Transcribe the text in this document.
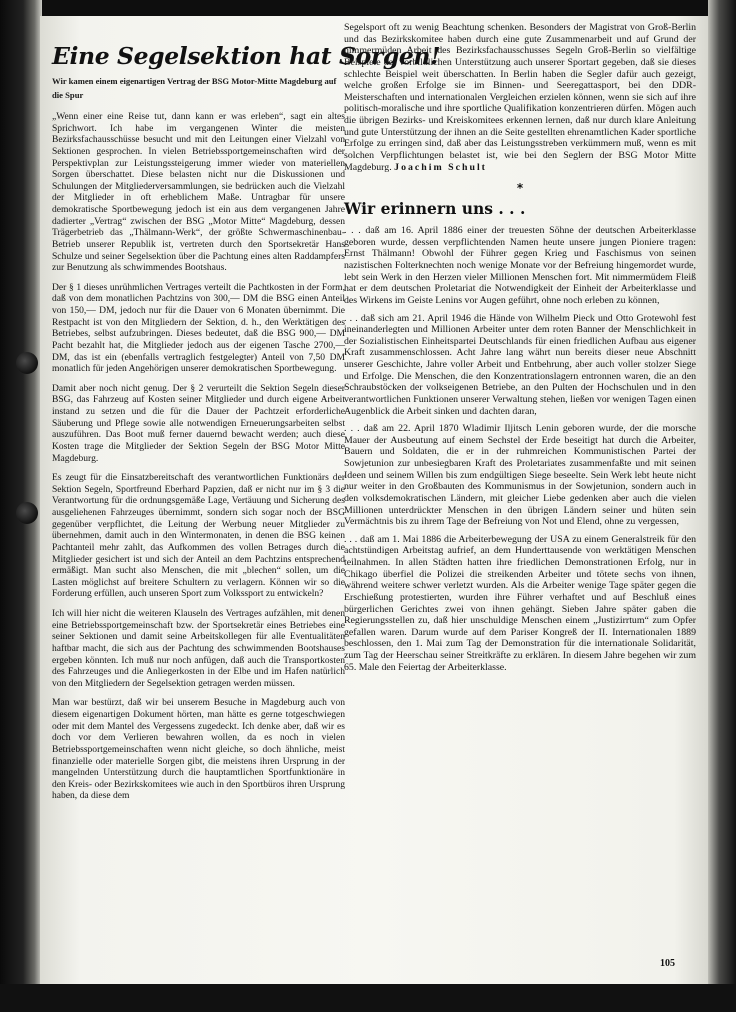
Eine Segelsektion hat Sorgen!
Wir kamen einem eigenartigen Vertrag der BSG Motor-Mitte Magdeburg auf die Spur

„Wenn einer eine Reise tut, dann kann er was erleben“, sagt ein altes Sprichwort. Ich habe im vergangenen Winter die meisten Bezirksfachausschüsse besucht und mit den Leitungen einer Vielzahl von Sektionen gesprochen. In vielen Betriebssportgemeinschaften wird der Perspektivplan zur Leistungssteigerung immer wieder von materiellen Sorgen überschattet. Diese belasten nicht nur die Diskussionen und Schulungen der Mitgliederversammlungen, sie bedrücken auch die Vielzahl der Mitglieder in oft erheblichem Maße. Untragbar für unsere demokratische Sportbewegung jedoch ist ein aus dem vergangenen Jahre dadierter „Vertrag“ zwischen der BSG „Motor Mitte“ Magdeburg, dessen Trägerbetrieb das „Thälmann-Werk“, der größte Schwermaschinenbau-Betrieb unserer Republik ist, vertreten durch den Sportsekretär Hans Schulze und seiner Segelsektion über die Pachtung eines alten Raddampfers zur Benutzung als schwimmendes Bootshaus.

Der § 1 dieses unrühmlichen Vertrages verteilt die Pachtkosten in der Form, daß von dem monatlichen Pachtzins von 300,— DM die BSG einen Anteil von 150,— DM, jedoch nur für die Dauer von 6 Monaten übernimmt. Die Restpacht ist von den Mitgliedern der Sektion, d. h., den Werktätigen des Betriebes, selbst aufzubringen. Dieses bedeutet, daß die BSG 900,— DM Pacht bezahlt hat, die Mitglieder jedoch aus der eigenen Tasche 2700,— DM, das ist ein (ebenfalls vertraglich festgelegter) Anteil von 7,50 DM monatlich für jeden Angehörigen unserer demokratischen Sportbewegung.

Damit aber noch nicht genug. Der § 2 verurteilt die Sektion Segeln dieser BSG, das Fahrzeug auf Kosten seiner Mitglieder und durch eigene Arbeit instand zu setzen und die für die Dauer der Pachtzeit erforderliche Säuberung und Pflege sowie alle notwendigen Erneuerungsarbeiten selbst auszuführen. Das Boot muß ferner dauernd bewacht werden; auch diese Kosten trage die Mitglieder der Sektion Segeln der BSG Motor Mitte Magdeburg.

Es zeugt für die Einsatzbereitschaft des verantwortlichen Funktionärs der Sektion Segeln, Sportfreund Eberhard Papzien, daß er nicht nur im § 3 die Verantwortung für die ordnungsgemäße Lage, Vertäuung und Sicherung des ausgeliehenen Fahrzeuges übernimmt, sondern sich sogar noch der BSG gegenüber verpflichtet, die Leitung der Werbung neuer Mitglieder zu übernehmen, damit auch in den Wintermonaten, in denen die BSG keinen Pachtanteil mehr zahlt, das Aufkommen des vollen Betrages durch die Mitglieder gesichert ist und sich der Anteil an dem Pachtzins entsprechend ermäßigt. Man sucht also Menschen, die mit „blechen“ sollen, um die Lasten möglichst auf breitere Schultern zu verlagern. Können wir so die Forderung erfüllen, auch unseren Sport zum Volkssport zu entwickeln?

Ich will hier nicht die weiteren Klauseln des Vertrages aufzählen, mit denen eine Betriebssportgemeinschaft bzw. der Sportsekretär eines Betriebes eine seiner Sektionen und damit seine Arbeitskollegen für alle Eventualitäten haftbar macht, die sich aus der Pachtung des schwimmenden Bootshauses ergeben könnten. Ich muß nur noch anfügen, daß auch die Transportkosten des Fahrzeuges und die Anliegerkosten in der Elbe und im Hafen natürlich von den Mitgliedern der Segelsektion getragen werden müssen.

Man war bestürzt, daß wir bei unserem Besuche in Magdeburg auch von diesem eigenartigen Dokument hörten, man hätte es gerne totgeschwiegen oder mit dem Mantel des Vergessens zugedeckt. Ich denke aber, daß wir es doch vor dem Verlieren bewahren wollen, da es noch in vielen Betriebssportgemeinschaften wenn nicht gleiche, so doch ähnliche, meist finanzielle oder materielle Sorgen gibt, die meistens ihren Ursprung in der mangelnden Unterstützung durch die hauptamtlichen Sportfunktionäre in den Kreis- oder Bezirkskomitees wie auch in den Sportbüros ihren Ursprung haben, da diese dem

Segelsport oft zu wenig Beachtung schenken. Besonders der Magistrat von Groß-Berlin und das Bezirkskomitee haben durch eine gute Zusammenarbeit und auf Grund der nimmermüden Arbeit des Bezirksfachausschusses Segeln Groß-Berlin so vielfältige Beispiele der vorbildlichen Unterstützung auch unserer Sportart gegeben, daß sie dieses schlechte Beispiel weit überschatten. In Berlin haben die Segler dafür auch gezeigt, welche großen Erfolge sie im Binnen- und Seeregattasport, bei den DDR-Meisterschaften und internationalen Vergleichen erzielen können, wenn sie sich auf ihre politisch-moralische und ihre sportliche Qualifikation konzentrieren dürfen. Mögen auch die übrigen Bezirks- und Kreiskomitees erkennen lernen, daß nur durch klare Anleitung und gute Unterstützung der ihnen an die Seite gestellten ehrenamtlichen Kader sportliche Erfolge zu erringen sind, daß aber das Leistungsstreben verkümmern muß, wenn es mit solchen Verpflichtungen belastet ist, wie bei den Seglern der BSG Motor Mitte Magdeburg. Joachim Schult

*
Wir erinnern uns . . .

. . . daß am 16. April 1886 einer der treuesten Söhne der deutschen Arbeiterklasse geboren wurde, dessen verpflichtenden Namen heute unsere jungen Pioniere tragen: Ernst Thälmann! Obwohl der Führer gegen Krieg und Faschismus von seinen nazistischen Folterknechten noch wenige Monate vor der Befreiung hingemordet wurde, lebt sein Werk in den Herzen vieler Millionen Menschen fort. Mit nimmermüdem Fleiß hat er dem deutschen Proletariat die Notwendigkeit der Einheit der Arbeiterklasse und des Wirkens im Geiste Lenins vor Augen geführt, ohne noch erleben zu können,

. . . daß sich am 21. April 1946 die Hände von Wilhelm Pieck und Otto Grotewohl fest ineinanderlegten und Millionen Arbeiter unter dem roten Banner der Menschlichkeit in der Sozialistischen Einheitspartei Deutschlands für einen friedlichen Aufbau aus eigener Kraft zusammenschlossen. Acht Jahre lang währt nun bereits dieser neue Abschnitt unserer Geschichte, Jahre voller Arbeit und Entbehrung, aber auch voller stolzer Siege und Erfolge. Die Menschen, die den Konzentrationslagern entronnen waren, die an den Schraubstöcken der volkseigenen Betriebe, an den Pulten der Hochschulen und in den verantwortlichen Funktionen unserer Verwaltung stehen, ließen vor wenigen Tagen einen Augenblick die Arbeit sinken und dachten daran,

. . . daß am 22. April 1870 Wladimir Iljitsch Lenin geboren wurde, der die morsche Mauer der Ausbeutung auf einem Sechstel der Erde beseitigt hat durch die Arbeiter, Bauern und Soldaten, die er in der ruhmreichen Kommunistischen Partei der Sowjetunion zur unbesiegbaren Kraft des Proletariates zusammenfaßte und mit seinen Ideen und seinem Willen bis zum endgültigen Siege beseelte. Sein Werk lebt heute nicht nur weiter in den Großbauten des Kommunismus in der Sowjetunion, sondern auch in den volksdemokratischen Ländern, mit gleicher Liebe gedenken aber auch die vielen Millionen unterdrückter Menschen in den übrigen Ländern seiner und hüten sein Vermächtnis bis zu ihrem Tage der Befreiung von Not und Elend, ohne zu vergessen,

. . . daß am 1. Mai 1886 die Arbeiterbewegung der USA zu einem Generalstreik für den achtstündigen Arbeitstag aufrief, an dem Hunderttausende von werktätigen Menschen teilnahmen. In allen Städten hatten ihre friedlichen Demonstrationen Erfolg, nur in Chikago überfiel die Polizei die streikenden Arbeiter und tötete sechs von ihnen, während weitere schwer verletzt wurden. Als die Arbeiter wenige Tage später gegen die Erschießung protestierten, wurden ihre Führer verhaftet und auf Beschluß eines bürgerlichen Gerichtes zwei von ihnen gehängt. Sieben Jahre später gaben die Regierungsstellen zu, daß hier unschuldige Menschen einem „Justizirrtum“ zum Opfer gefallen waren. Darum wurde auf dem Pariser Kongreß der II. Internationalen 1889 beschlossen, den 1. Mai zum Tag der Demonstration für die internationale Solidarität, zum Tag der Heerschau seiner Streitkräfte zu erklären. In diesem Jahre begehen wir zum 65. Male den Feiertag der Arbeiterklasse.

105
